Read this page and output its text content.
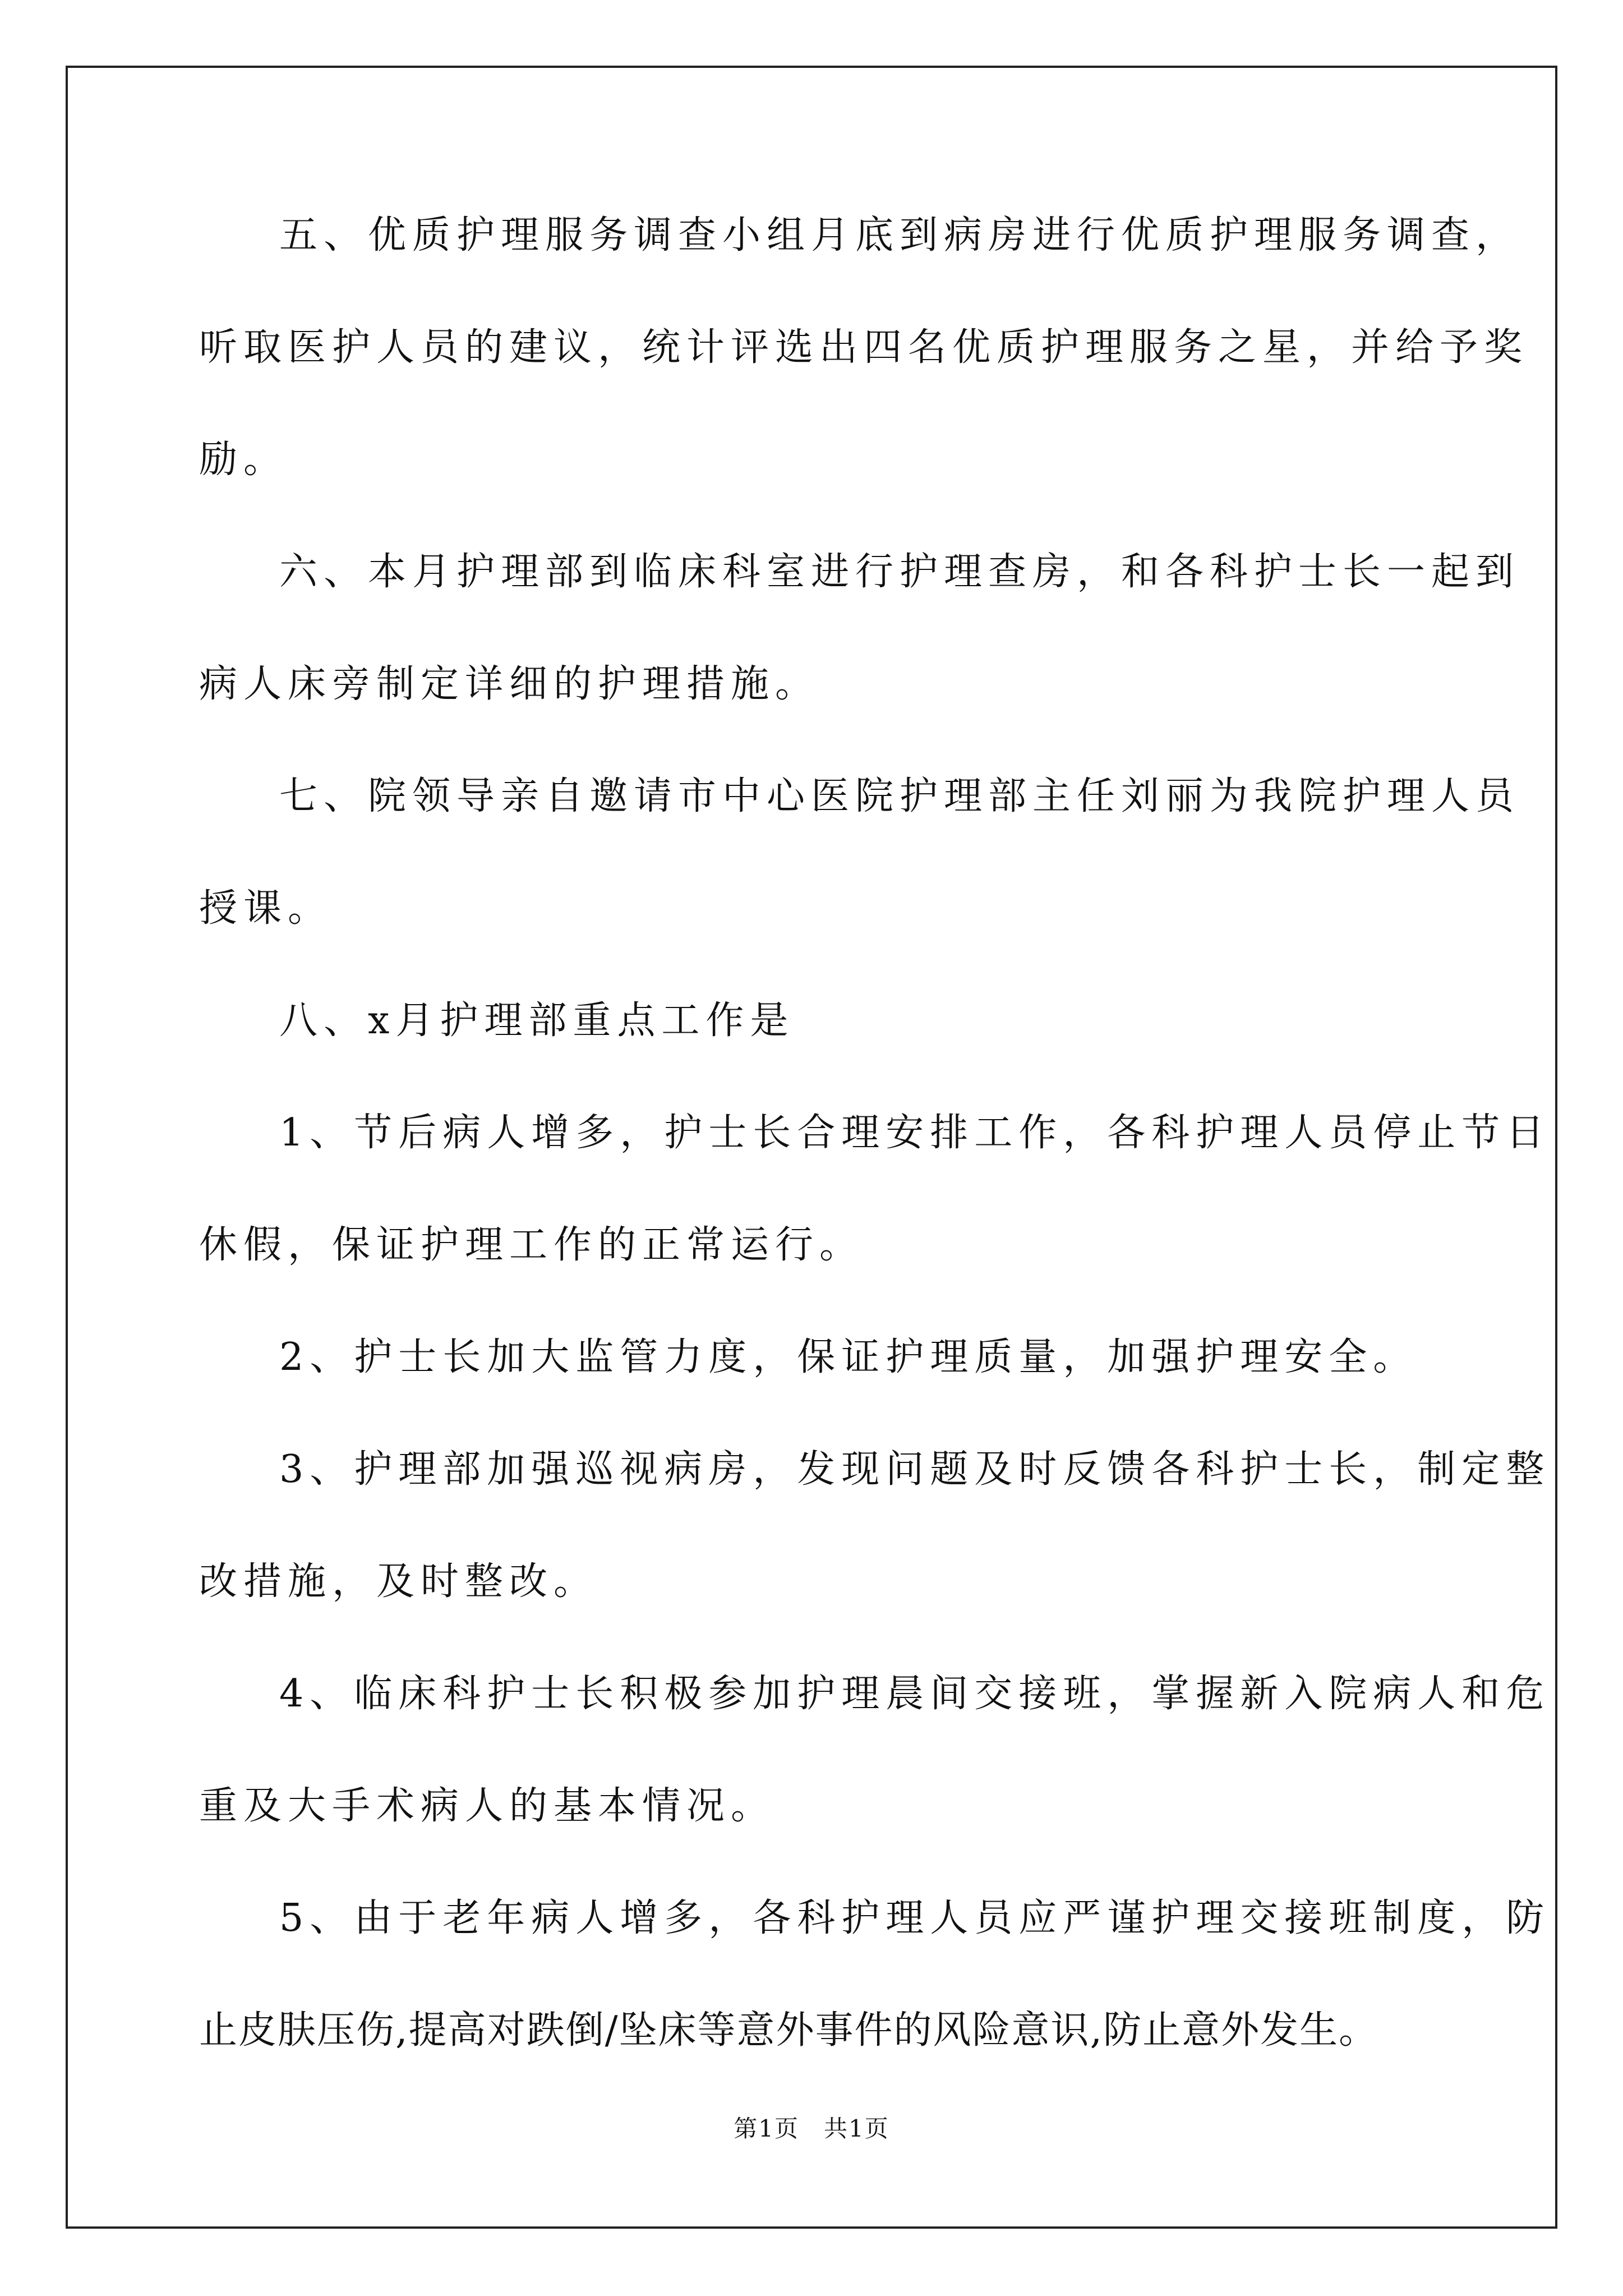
五、优质护理服务调查小组月底到病房进行优质护理服务调查，
听取医护人员的建议，统计评选出四名优质护理服务之星，并给予奖
励。
六、本月护理部到临床科室进行护理查房，和各科护士长一起到
病人床旁制定详细的护理措施。
七、院领导亲自邀请市中心医院护理部主任刘丽为我院护理人员
授课。
八、x月护理部重点工作是
1、节后病人增多，护士长合理安排工作，各科护理人员停止节日
休假，保证护理工作的正常运行。
2、护士长加大监管力度，保证护理质量，加强护理安全。
3、护理部加强巡视病房，发现问题及时反馈各科护士长，制定整
改措施，及时整改。
4、临床科护士长积极参加护理晨间交接班，掌握新入院病人和危
重及大手术病人的基本情况。
5、由于老年病人增多，各科护理人员应严谨护理交接班制度，防
止皮肤压伤,提高对跌倒/坠床等意外事件的风险意识,防止意外发生。
第1页　共1页
